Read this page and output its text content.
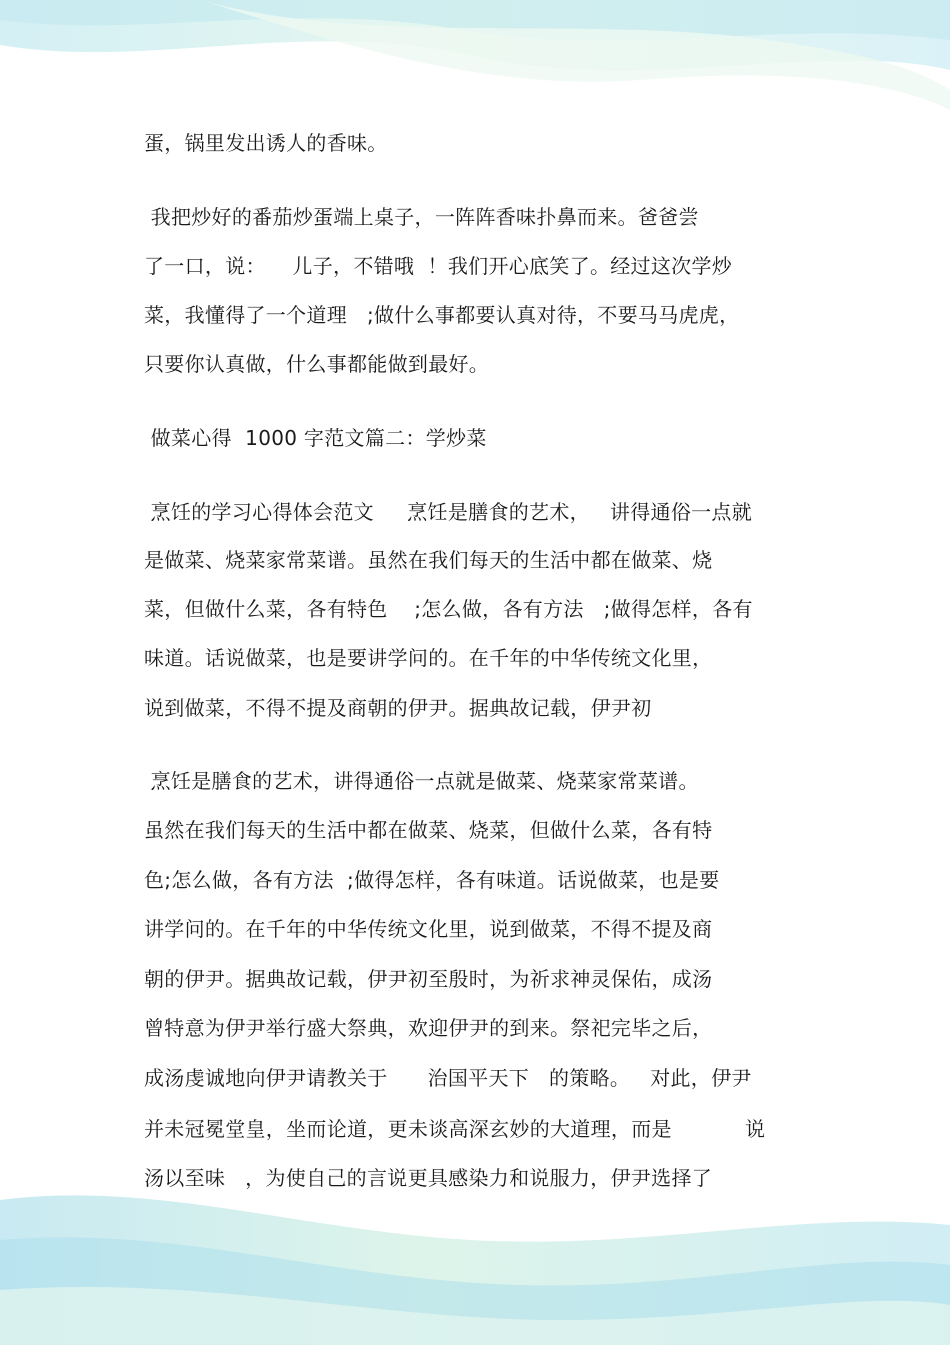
蛋，锅里发出诱人的香味。
我把炒好的番茄炒蛋端上桌子，一阵阵香味扑鼻而来。爸爸尝
了一口，说：    儿子，不错哦  ！我们开心底笑了。经过这次学炒
菜，我懂得了一个道理   ;做什么事都要认真对待，不要马马虎虎，
只要你认真做，什么事都能做到最好。
做菜心得  1000 字范文篇二：学炒菜
烹饪的学习心得体会范文     烹饪是膳食的艺术，   讲得通俗一点就
是做菜、烧菜家常菜谱。虽然在我们每天的生活中都在做菜、烧
菜，但做什么菜，各有特色    ;怎么做，各有方法   ;做得怎样，各有
味道。话说做菜，也是要讲学问的。在千年的中华传统文化里，
说到做菜，不得不提及商朝的伊尹。据典故记载，伊尹初
烹饪是膳食的艺术，讲得通俗一点就是做菜、烧菜家常菜谱。
虽然在我们每天的生活中都在做菜、烧菜，但做什么菜，各有特
色;怎么做，各有方法  ;做得怎样，各有味道。话说做菜，也是要
讲学问的。在千年的中华传统文化里，说到做菜，不得不提及商
朝的伊尹。据典故记载，伊尹初至殷时，为祈求神灵保佑，成汤
曾特意为伊尹举行盛大祭典，欢迎伊尹的到来。祭祀完毕之后，
成汤虔诚地向伊尹请教关于      治国平天下   的策略。   对此，伊尹
并未冠冕堂皇，坐而论道，更未谈高深玄妙的大道理，而是           说
汤以至味   ，为使自己的言说更具感染力和说服力，伊尹选择了
